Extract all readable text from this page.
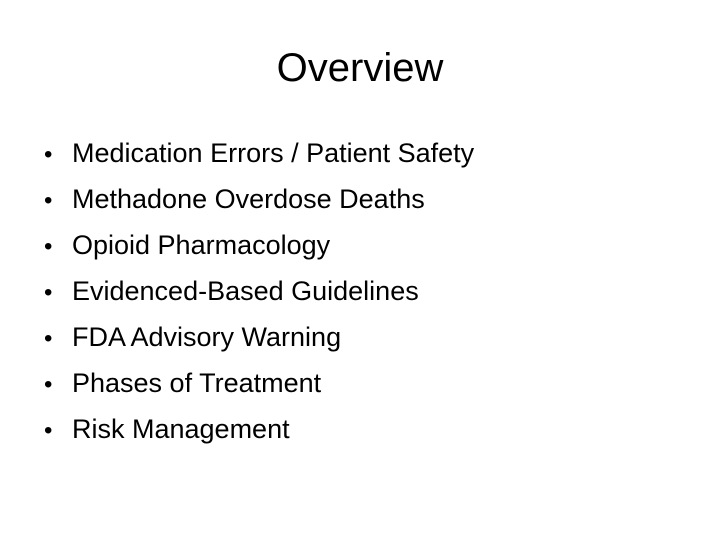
Overview
• Medication Errors / Patient Safety
• Methadone Overdose Deaths
• Opioid Pharmacology
• Evidenced-Based Guidelines
• FDA Advisory Warning
• Phases of Treatment
• Risk Management
